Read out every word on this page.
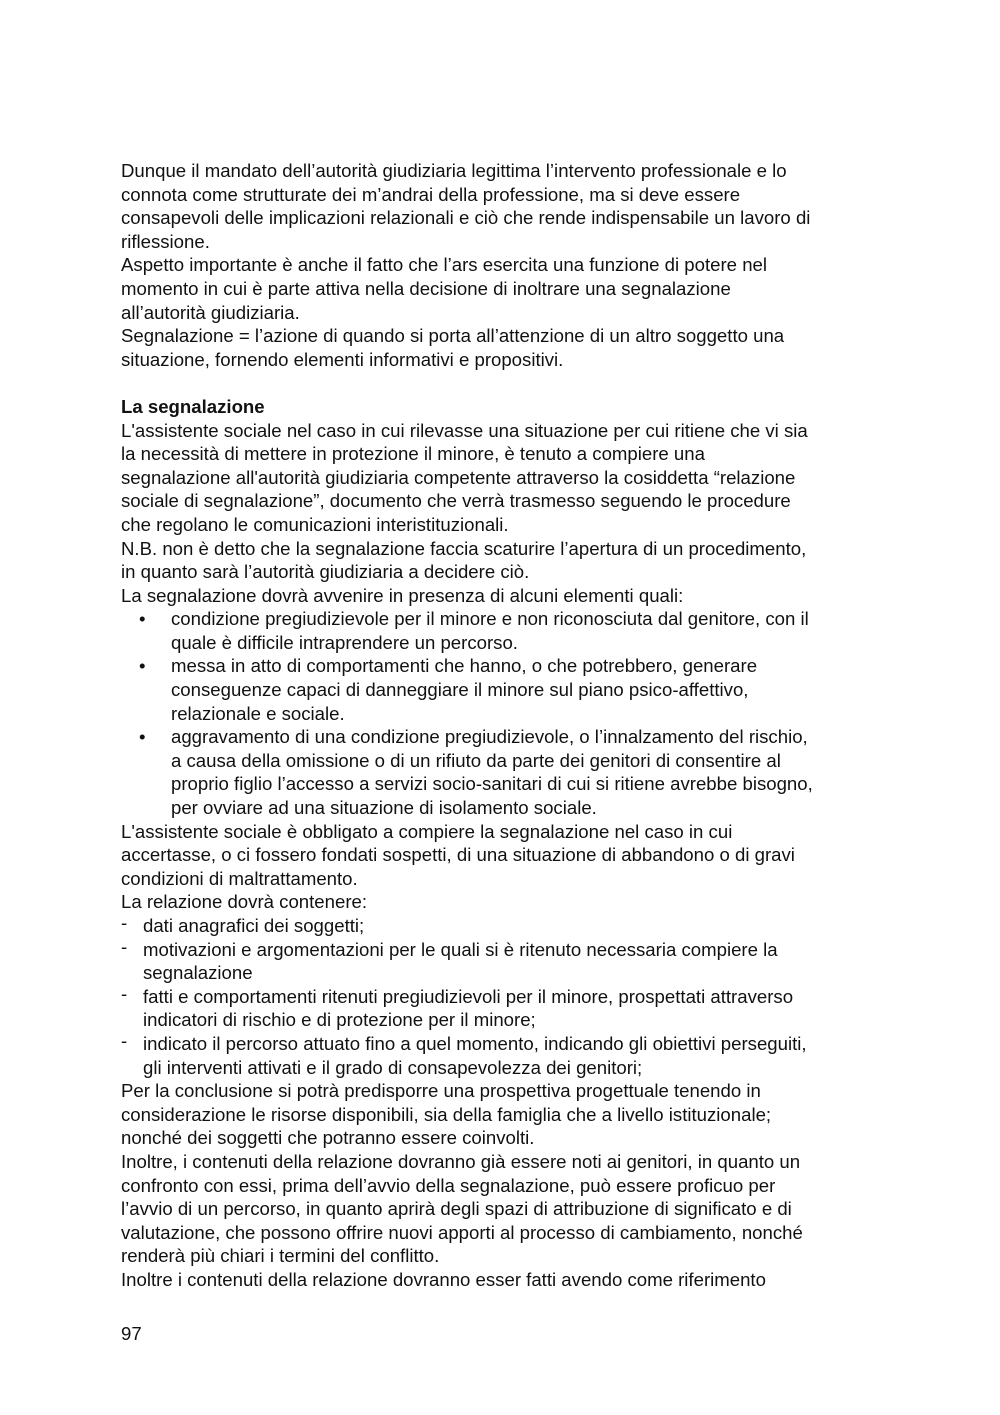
Dunque il mandato dell’autorità giudiziaria legittima l’intervento professionale e lo
connota come strutturate dei m’andrai della professione, ma si deve essere
consapevoli delle implicazioni relazionali e ciò che rende indispensabile un lavoro di
riflessione.
Aspetto importante è anche il fatto che l’ars esercita una funzione di potere nel
momento in cui è parte attiva nella decisione di inoltrare una segnalazione
all’autorità giudiziaria.
Segnalazione = l’azione di quando si porta all’attenzione di un altro soggetto una
situazione, fornendo elementi informativi e propositivi.
La segnalazione
L'assistente sociale nel caso in cui rilevasse una situazione per cui ritiene che vi sia
la necessità di mettere in protezione il minore, è tenuto a compiere una
segnalazione all'autorità giudiziaria competente attraverso la cosiddetta “relazione
sociale di segnalazione”, documento che verrà trasmesso seguendo le procedure
che regolano le comunicazioni interistituzionali.
N.B. non è detto che la segnalazione faccia scaturire l’apertura di un procedimento,
in quanto sarà l’autorità giudiziaria a decidere ciò.
La segnalazione dovrà avvenire in presenza di alcuni elementi quali:
• condizione pregiudizievole per il minore e non riconosciuta dal genitore, con il
quale è difficile intraprendere un percorso.
• messa in atto di comportamenti che hanno, o che potrebbero, generare
conseguenze capaci di danneggiare il minore sul piano psico-affettivo,
relazionale e sociale.
• aggravamento di una condizione pregiudizievole, o l’innalzamento del rischio,
a causa della omissione o di un rifiuto da parte dei genitori di consentire al
proprio figlio l’accesso a servizi socio-sanitari di cui si ritiene avrebbe bisogno,
per ovviare ad una situazione di isolamento sociale.
L'assistente sociale è obbligato a compiere la segnalazione nel caso in cui
accertasse, o ci fossero fondati sospetti, di una situazione di abbandono o di gravi
condizioni di maltrattamento.
La relazione dovrà contenere:
- dati anagrafici dei soggetti;
- motivazioni e argomentazioni per le quali si è ritenuto necessaria compiere la
segnalazione
- fatti e comportamenti ritenuti pregiudizievoli per il minore, prospettati attraverso
indicatori di rischio e di protezione per il minore;
- indicato il percorso attuato fino a quel momento, indicando gli obiettivi perseguiti,
gli interventi attivati e il grado di consapevolezza dei genitori;
Per la conclusione si potrà predisporre una prospettiva progettuale tenendo in
considerazione le risorse disponibili, sia della famiglia che a livello istituzionale;
nonché dei soggetti che potranno essere coinvolti.
Inoltre, i contenuti della relazione dovranno già essere noti ai genitori, in quanto un
confronto con essi, prima dell’avvio della segnalazione, può essere proficuo per
l’avvio di un percorso, in quanto aprirà degli spazi di attribuzione di significato e di
valutazione, che possono offrire nuovi apporti al processo di cambiamento, nonché
renderà più chiari i termini del conflitto.
Inoltre i contenuti della relazione dovranno esser fatti avendo come riferimento
97
